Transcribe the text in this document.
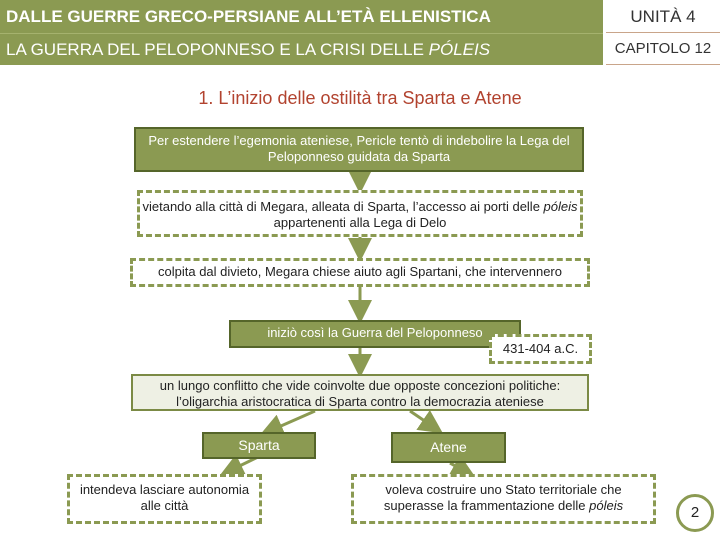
DALLE GUERRE GRECO-PERSIANE ALL’ETÀ ELLENISTICA
LA GUERRA DEL PELOPONNESO E LA CRISI DELLE PÓLEIS
UNITÀ 4
CAPITOLO 12
1. L’inizio delle ostilità tra Sparta e Atene
Per estendere l’egemonia ateniese, Pericle tentò di indebolire la Lega del Peloponneso guidata da Sparta
vietando alla città di Megara, alleata di Sparta, l’accesso ai porti delle póleis appartenenti alla Lega di Delo
colpita dal divieto, Megara chiese aiuto agli Spartani, che intervennero
iniziò così la Guerra del Peloponneso
431-404 a.C.
un lungo conflitto che vide coinvolte due opposte concezioni politiche: l’oligarchia aristocratica di Sparta contro la democrazia ateniese
Sparta	Atene
intendeva lasciare autonomia alle città
voleva costruire uno Stato territoriale che superasse la frammentazione delle póleis	2
